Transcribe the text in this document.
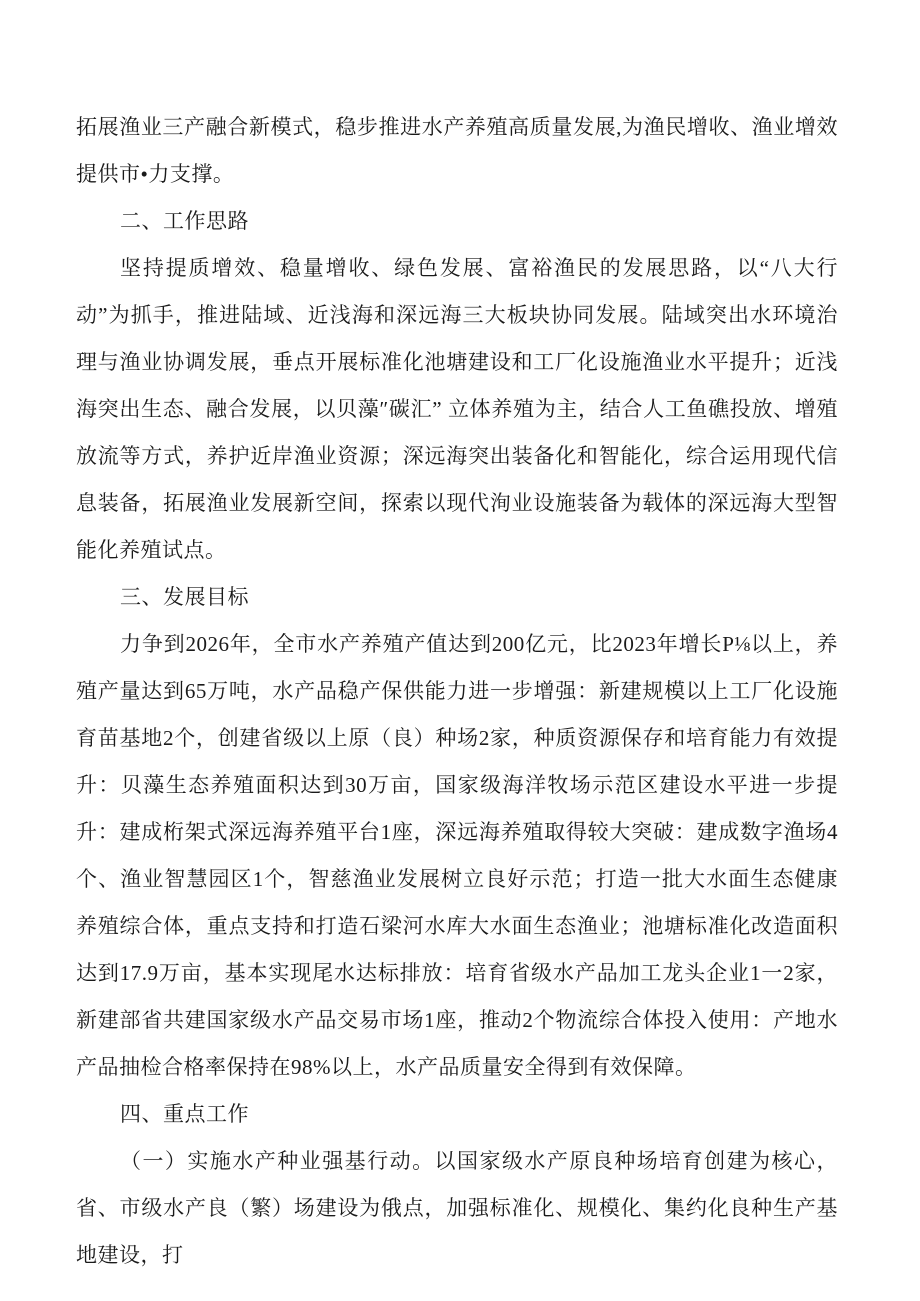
拓展渔业三产融合新模式，稳步推进水产养殖高质量发展,为渔民增收、渔业增效提供市•力支撑。

二、工作思路

坚持提质增效、稳量增收、绿色发展、富裕渔民的发展思路，以“八大行动”为抓手，推进陆域、近浅海和深远海三大板块协同发展。陆域突出水环境治理与渔业协调发展，垂点开展标准化池塘建设和工厂化设施渔业水平提升；近浅海突出生态、融合发展，以贝藻″碳汇” 立体养殖为主，结合人工鱼礁投放、增殖放流等方式，养护近岸渔业资源；深远海突出装备化和智能化，综合运用现代信息装备，拓展渔业发展新空间，探索以现代洵业设施装备为载体的深远海大型智能化养殖试点。

三、发展目标

力争到2026年，全市水产养殖产值达到200亿元，比2023年增长P⅛以上，养殖产量达到65万吨，水产品稳产保供能力进一步增强：新建规模以上工厂化设施育苗基地2个，创建省级以上原（良）种场2家，种质资源保存和培育能力有效提升：贝藻生态养殖面积达到30万亩，国家级海洋牧场示范区建设水平进一步提升：建成桁架式深远海养殖平台1座，深远海养殖取得较大突破：建成数字渔场4个、渔业智慧园区1个，智慈渔业发展树立良好示范；打造一批大水面生态健康养殖综合体，重点支持和打造石梁河水库大水面生态渔业；池塘标准化改造面积达到17.9万亩，基本实现尾水达标排放：培育省级水产品加工龙头企业1一2家，新建部省共建国家级水产品交易市场1座，推动2个物流综合体投入使用：产地水产品抽检合格率保持在98%以上，水产品质量安全得到有效保障。

四、重点工作

（一）实施水产种业强基行动。以国家级水产原良种场培育创建为核心，省、市级水产良（繁）场建设为俄点，加强标准化、规模化、集约化良种生产基地建设，打
